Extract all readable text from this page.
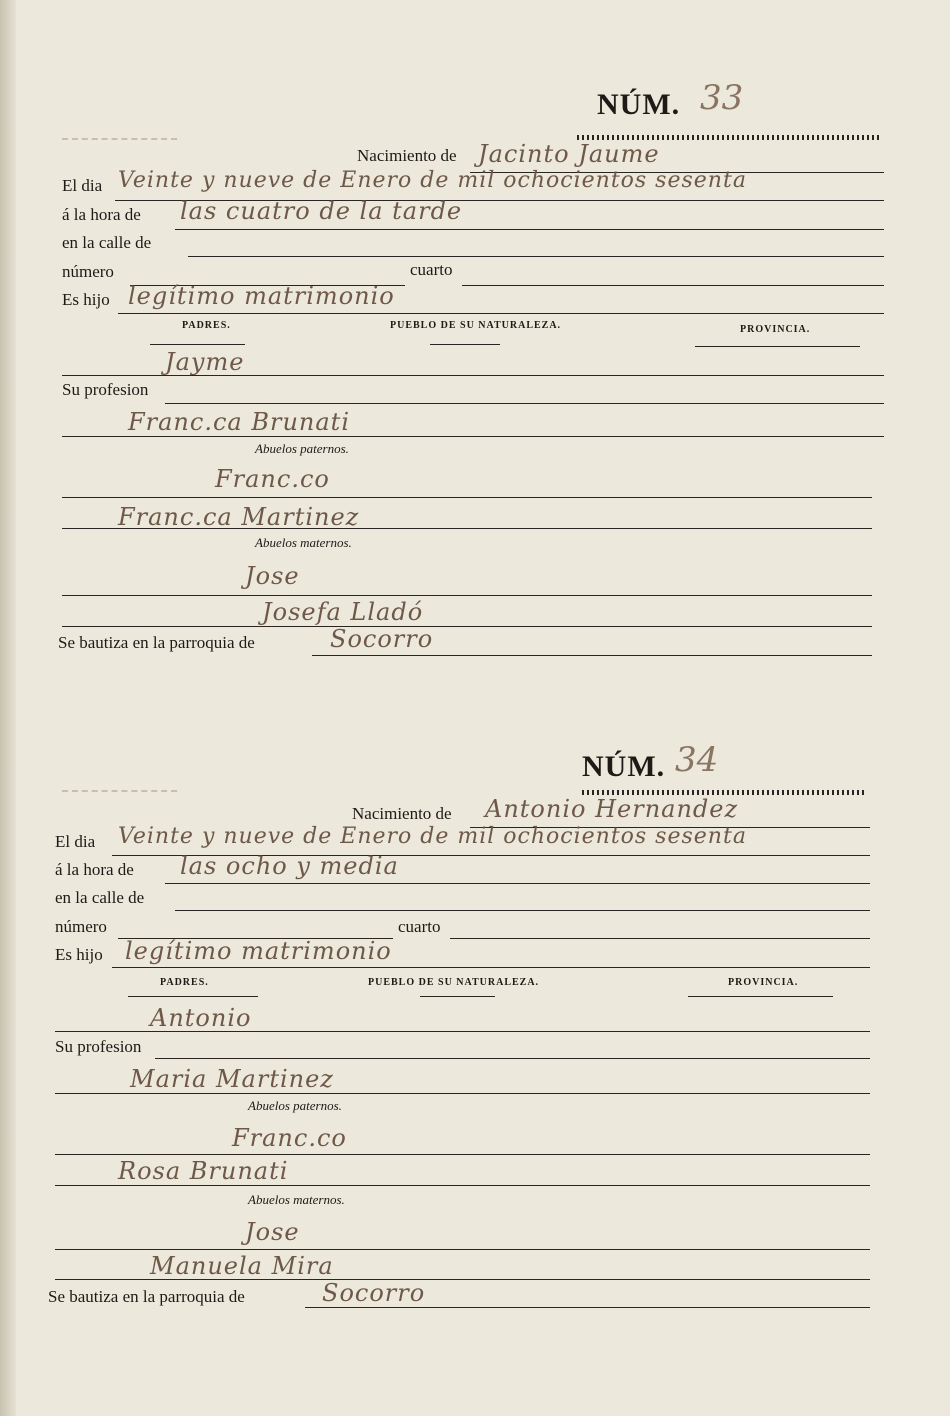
NÚM. 33
Nacimiento de Jacinto Jaume
El dia Veinte y nueve de Enero de mil ochocientos sesenta
á la hora de las cuatro de la tarde
en la calle de
número	cuarto
Es hijo legítimo matrimonio
PADRES.	PUEBLO DE SU NATURALEZA.	PROVINCIA.
Jayme
Su profesion
Franc.ca Brunati
Abuelos paternos.
Franc.co
Franc.ca Martinez
Abuelos maternos.
Jose
Josefa Lladó
Se bautiza en la parroquia de	Socorro
NÚM. 34
Nacimiento de Antonio Hernandez
El dia Veinte y nueve de Enero de mil ochocientos sesenta
á la hora de las ocho y media
en la calle de
número	cuarto
Es hijo legítimo matrimonio
PADRES.	PUEBLO DE SU NATURALEZA.	PROVINCIA.
Antonio
Su profesion
Maria Martinez
Abuelos paternos.
Franc.co
Rosa Brunati
Abuelos maternos.
Jose
Manuela Mira
Se bautiza en la parroquia de	Socorro
